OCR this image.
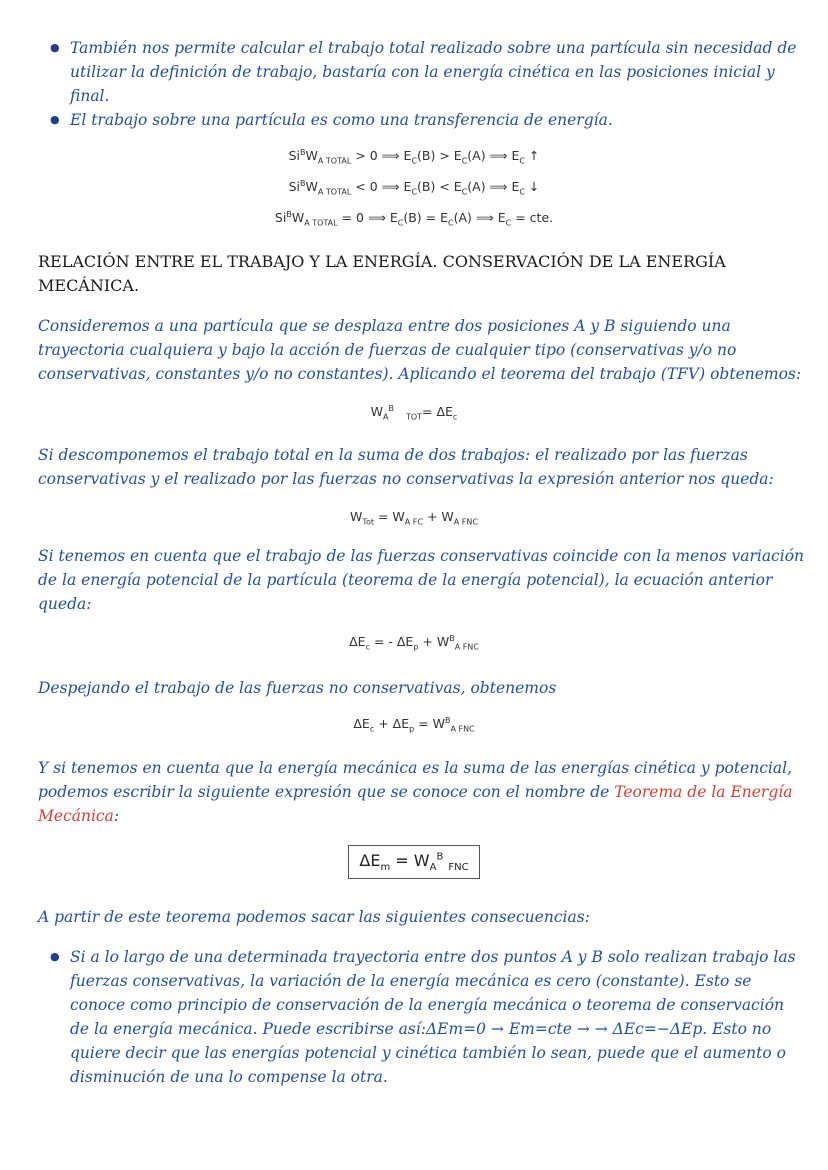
● También nos permite calcular el trabajo total realizado sobre una partícula sin necesidad de utilizar la definición de trabajo, bastaría con la energía cinética en las posiciones inicial y final.
● El trabajo sobre una partícula es como una transferencia de energía.
$Si^BW_{A TOTAL} > 0$ ⟹ $E_C(B) > E_C(A)$ ⟹ $E_C$ ↑
$Si^BW_{A TOTAL} < 0$ ⟹ $E_C(B) < E_C(A)$ ⟹ $E_C$ ↓
$Si^BW_{A TOTAL} = 0$ ⟹ $E_C(B) = E_C(A)$ ⟹ $E_C$ = cte.
RELACIÓN ENTRE EL TRABAJO Y LA ENERGÍA. CONSERVACIÓN DE LA ENERGÍA MECÁNICA.

Consideremos a una partícula que se desplaza entre dos posiciones A y B siguiendo una trayectoria cualquiera y bajo la acción de fuerzas de cualquier tipo (conservativas y/o no conservativas, constantes y/o no constantes). Aplicando el teorema del trabajo (TFV) obtenemos:

$W_A^B$   $_{TOT}= \Delta E_c$

Si descomponemos el trabajo total en la suma de dos trabajos: el realizado por las fuerzas conservativas y el realizado por las fuerzas no conservativas la expresión anterior nos queda:

$W_{Tot} = W_{A FC} + W_{A FNC}$

Si tenemos en cuenta que el trabajo de las fuerzas conservativas coincide con la menos variación de la energía potencial de la partícula (teorema de la energía potencial), la ecuación anterior queda:

$\Delta E_c$ = - $\Delta E_p + W^B_{A FNC}$

Despejando el trabajo de las fuerzas no conservativas, obtenemos

$\Delta E_c + \Delta E_p = W^B_{A FNC}$

Y si tenemos en cuenta que la energía mecánica es la suma de las energías cinética y potencial, podemos escribir la siguiente expresión que se conoce con el nombre de Teorema de la Energía Mecánica:

$\Delta E_m = W_A^B$ $_{FNC}$

A partir de este teorema podemos sacar las siguientes consecuencias:

● Si a lo largo de una determinada trayectoria entre dos puntos A y B solo realizan trabajo las fuerzas conservativas, la variación de la energía mecánica es cero (constante). Esto se conoce como principio de conservación de la energía mecánica o teorema de conservación de la energía mecánica. Puede escribirse así:ΔEm=0 → Em=cte → → ΔEc=−ΔEp. Esto no quiere decir que las energías potencial y cinética también lo sean, puede que el aumento o disminución de una lo compense la otra.
